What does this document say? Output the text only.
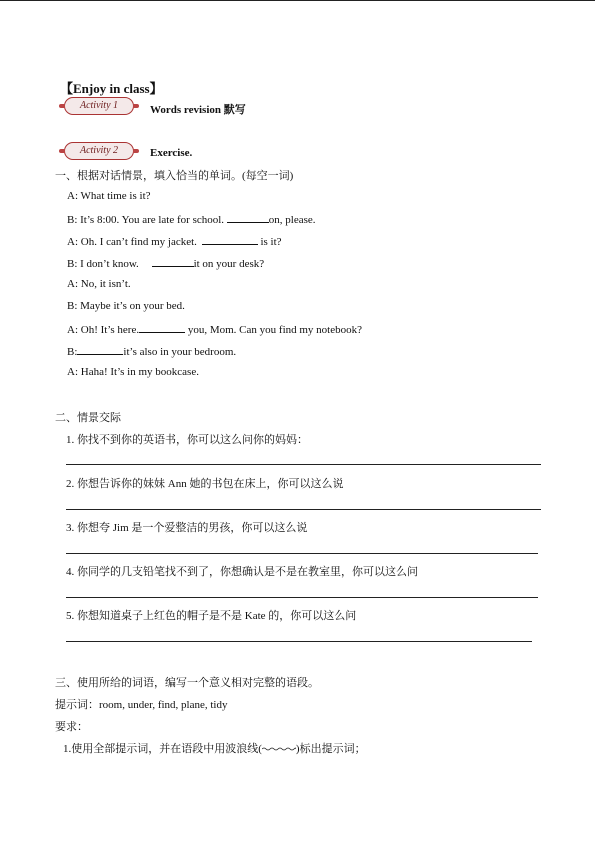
【Enjoy in class】
Activity 1	Words revision 默写
Activity 2	Exercise.
一、根据对话情景，填入恰当的单词。(每空一词)
A: What time is it?
B: It’s 8:00. You are late for school.	on, please.
A: Oh. I can’t find my jacket.	is it?
B: I don’t know.	it on your desk?
A: No, it isn’t.
B: Maybe it’s on your bed.
A: Oh! It’s here.	you, Mom. Can you find my notebook?
B:	it’s also in your bedroom.
A: Haha! It’s in my bookcase.
二、情景交际
1. 你找不到你的英语书，你可以这么问你的妈妈：
2. 你想告诉你的妹妹 Ann 她的书包在床上，你可以这么说
3. 你想夸 Jim 是一个爱整洁的男孩，你可以这么说
4. 你同学的几支铅笔找不到了，你想确认是不是在教室里，你可以这么问
5. 你想知道桌子上红色的帽子是不是 Kate 的，你可以这么问
三、使用所给的词语，编写一个意义相对完整的语段。
提示词：room, under, find, plane, tidy
要求：
1.使用全部提示词，并在语段中用波浪线(	)标出提示词；
